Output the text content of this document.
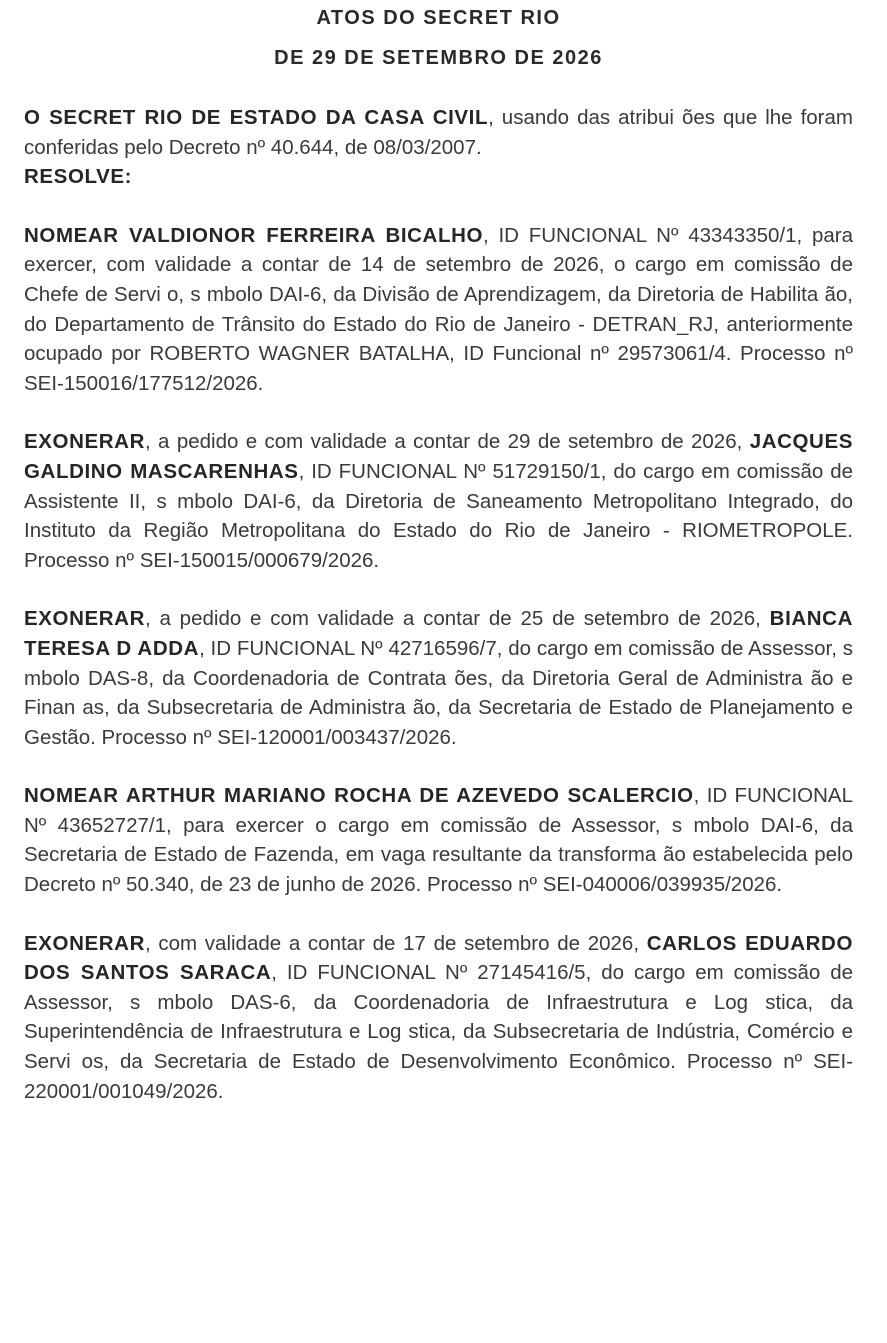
ATOS DO SECRET RIO

DE 29 DE SETEMBRO DE 2026

O SECRET RIO DE ESTADO DA CASA CIVIL, usando das atribui ões que lhe foram conferidas pelo Decreto nº 40.644, de 08/03/2007.

RESOLVE:

NOMEAR VALDIONOR FERREIRA BICALHO, ID FUNCIONAL Nº 43343350/1, para exercer, com validade a contar de 14 de setembro de 2026, o cargo em comissão de Chefe de Servi o, s mbolo DAI-6, da Divisão de Aprendizagem, da Diretoria de Habilita ão, do Departamento de Trânsito do Estado do Rio de Janeiro - DETRAN_RJ, anteriormente ocupado por ROBERTO WAGNER BATALHA, ID Funcional nº 29573061/4. Processo nº SEI-150016/177512/2026.

EXONERAR, a pedido e com validade a contar de 29 de setembro de 2026, JACQUES GALDINO MASCARENHAS, ID FUNCIONAL Nº 51729150/1, do cargo em comissão de Assistente II, s mbolo DAI-6, da Diretoria de Saneamento Metropolitano Integrado, do Instituto da Região Metropolitana do Estado do Rio de Janeiro - RIOMETROPOLE. Processo nº SEI-150015/000679/2026.

EXONERAR, a pedido e com validade a contar de 25 de setembro de 2026, BIANCA TERESA D ADDA, ID FUNCIONAL Nº 42716596/7, do cargo em comissão de Assessor, s mbolo DAS-8, da Coordenadoria de Contrata ões, da Diretoria Geral de Administra ão e Finan as, da Subsecretaria de Administra ão, da Secretaria de Estado de Planejamento e Gestão. Processo nº SEI-120001/003437/2026.

NOMEAR ARTHUR MARIANO ROCHA DE AZEVEDO SCALERCIO, ID FUNCIONAL Nº 43652727/1, para exercer o cargo em comissão de Assessor, s mbolo DAI-6, da Secretaria de Estado de Fazenda, em vaga resultante da transforma ão estabelecida pelo Decreto nº 50.340, de 23 de junho de 2026. Processo nº SEI-040006/039935/2026.

EXONERAR, com validade a contar de 17 de setembro de 2026, CARLOS EDUARDO DOS SANTOS SARACA, ID FUNCIONAL Nº 27145416/5, do cargo em comissão de Assessor, s mbolo DAS-6, da Coordenadoria de Infraestrutura e Log stica, da Superintendência de Infraestrutura e Log stica, da Subsecretaria de Indústria, Comércio e Servi os, da Secretaria de Estado de Desenvolvimento Econômico. Processo nº SEI-220001/001049/2026.
